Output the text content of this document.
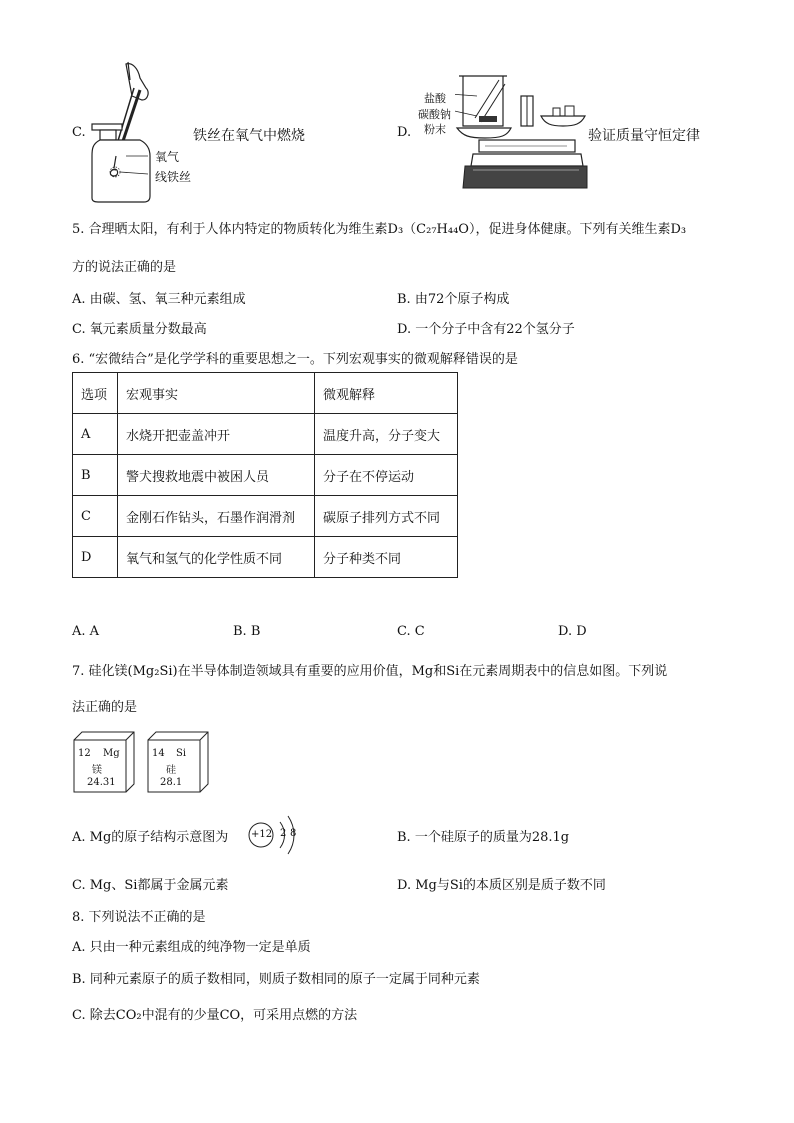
C.
氧气
线铁丝
铁丝在氧气中燃烧	D.
盐酸
碳酸钠
粉末	验证质量守恒定律
5. 合理晒太阳，有利于人体内特定的物质转化为维生素D₃（C₂₇H₄₄O），促进身体健康。下列有关维生素D₃
方的说法正确的是
A. 由碳、氢、氧三种元素组成	B. 由72个原子构成
C. 氧元素质量分数最高	D. 一个分子中含有22个氢分子
6. “宏微结合”是化学学科的重要思想之一。下列宏观事实的微观解释错误的是
选项	宏观事实	微观解释
A	水烧开把壶盖冲开	温度升高，分子变大
B	警犬搜救地震中被困人员	分子在不停运动
C	金刚石作钻头，石墨作润滑剂	碳原子排列方式不同
D	氧气和氢气的化学性质不同	分子种类不同
A. A	B. B	C. C	D. D
7. 硅化镁(Mg₂Si)在半导体制造领域具有重要的应用价值，Mg和Si在元素周期表中的信息如图。下列说
法正确的是
12 Mg
镁
24.31
14 Si
硅
28.1
A. Mg的原子结构示意图为 +12 2 8	B. 一个硅原子的质量为28.1g
C. Mg、Si都属于金属元素	D. Mg与Si的本质区别是质子数不同
8. 下列说法不正确的是
A. 只由一种元素组成的纯净物一定是单质
B. 同种元素原子的质子数相同，则质子数相同的原子一定属于同种元素
C. 除去CO₂中混有的少量CO，可采用点燃的方法
